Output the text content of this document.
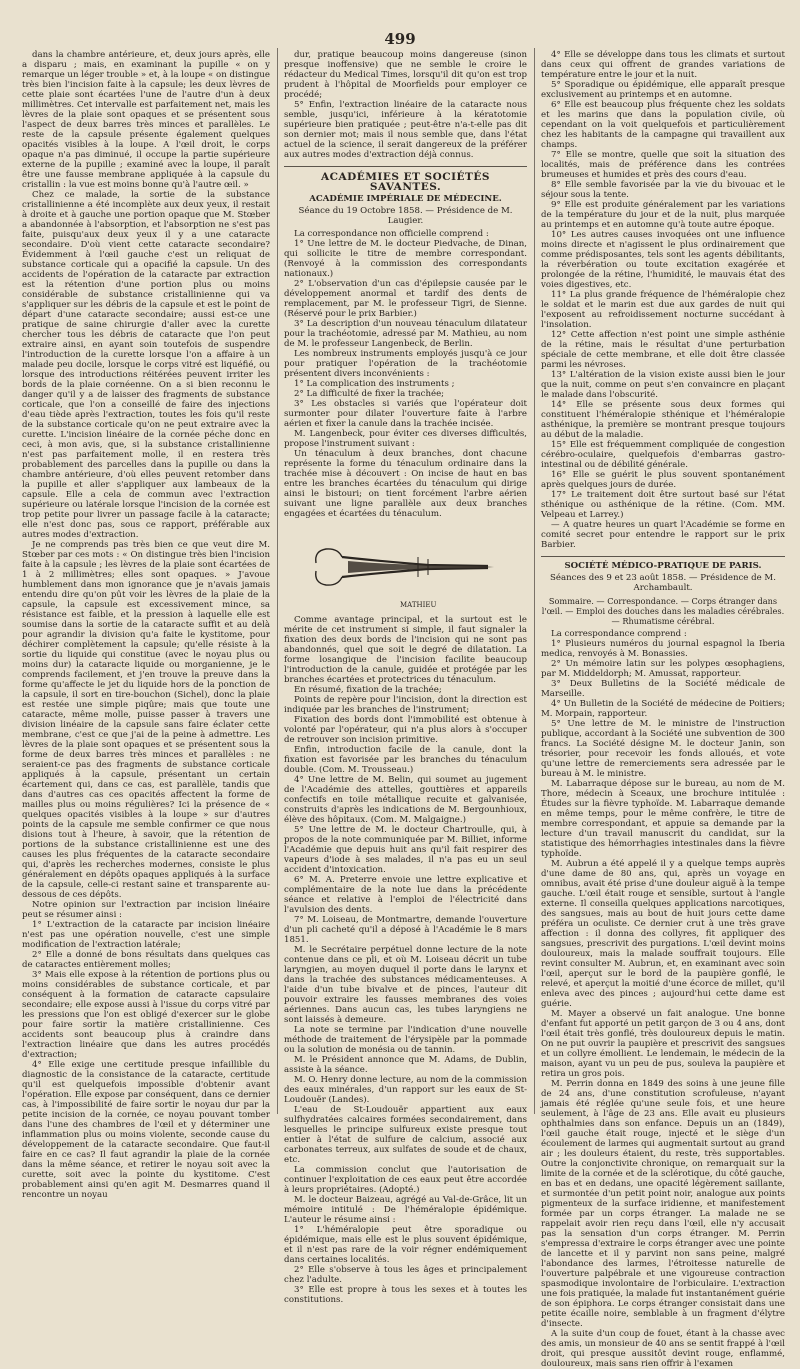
499

dans la chambre antérieure, et, deux jours après, elle a disparu ; mais, en examinant la pupille « on y remarque un léger trouble » et, à la loupe « on distingue très bien l'incision faite à la capsule; les deux lèvres de cette plaie sont écartées l'une de l'autre d'un à deux millimètres. Cet intervalle est parfaitement net, mais les lèvres de la plaie sont opaques et se présentent sous l'aspect de deux barres très minces et parallèles. Le reste de la capsule présente également quelques opacités visibles à la loupe. A l'œil droit, le corps opaque n'a pas diminué, il occupe la partie supérieure externe de la pupille ; examiné avec la loupe, il paraît être une fausse membrane appliquée à la capsule du cristallin : la vue est moins bonne qu'à l'autre œil. »

Chez ce malade, la sortie de la substance cristallinienne a été incomplète aux deux yeux, il restait à droite et à gauche une portion opaque que M. Stœber a abandonnée à l'absorption, et l'absorption ne s'est pas faite, puisqu'aux deux yeux il y a une cataracte secondaire. D'où vient cette cataracte secondaire? Évidemment à l'œil gauche c'est un reliquat de substance corticale qui a opacifié la capsule. Un des accidents de l'opération de la cataracte par extraction est la rétention d'une portion plus ou moins considérable de substance cristallinienne qui va s'appliquer sur les débris de la capsule et est le point de départ d'une cataracte secondaire; aussi est-ce une pratique de saine chirurgie d'aller avec la curette chercher tous les débris de cataracte que l'on peut extraire ainsi, en ayant soin toutefois de suspendre l'introduction de la curette lorsque l'on a affaire à un malade peu docile, lorsque le corps vitré est liquéfié, ou lorsque des introductions réitérées peuvent irriter les bords de la plaie cornéenne. On a si bien reconnu le danger qu'il y a de laisser des fragments de substance corticale, que l'on a conseillé de faire des injections d'eau tiède après l'extraction, toutes les fois qu'il reste de la substance corticale qu'on ne peut extraire avec la curette. L'incision linéaire de la cornée péche donc en ceci, à mon avis, que, si la substance cristallinienne n'est pas parfaitement molle, il en restera très probablement des parcelles dans la pupille ou dans la chambre antérieure, d'où elles peuvent retomber dans la pupille et aller s'appliquer aux lambeaux de la capsule. Elle a cela de commun avec l'extraction supérieure ou latérale lorsque l'incision de la cornée est trop petite pour livrer un passage facile à la cataracte; elle n'est donc pas, sous ce rapport, préférable aux autres modes d'extraction.

Je ne comprends pas très bien ce que veut dire M. Stœber par ces mots : « On distingue très bien l'incision faite à la capsule ; les lèvres de la plaie sont écartées de 1 à 2 millimètres; elles sont opaques. » J'avoue humblement dans mon ignorance que je n'avais jamais entendu dire qu'on pût voir les lèvres de la plaie de la capsule, la capsule est excessivement mince, sa résistance est faible, et la pression à laquelle elle est soumise dans la sortie de la cataracte suffit et au delà pour agrandir la division qu'a faite le kystitome, pour déchirer complètement la capsule; qu'elle résiste à la sortie du liquide qui constitue (avec le noyau plus ou moins dur) la cataracte liquide ou morganienne, je le comprends facilement, et j'en trouve la preuve dans la forme qu'affecte le jet du liquide hors de la ponction de la capsule, il sort en tire-bouchon (Sichel), donc la plaie est restée une simple piqûre; mais que toute une cataracte, même molle, puisse passer à travers une division linéaire de la capsule sans faire éclater cette membrane, c'est ce que j'ai de la peine à admettre. Les lèvres de la plaie sont opaques et se présentent sous la forme de deux barres très minces et parallèles : ne seraient-ce pas des fragments de substance corticale appliqués à la capsule, présentant un certain écartement qui, dans ce cas, est parallèle, tandis que dans d'autres cas ces opacités affectent la forme de mailles plus ou moins régulières? Ici la présence de « quelques opacités visibles à la loupe » sur d'autres points de la capsule me semble confirmer ce que nous disions tout à l'heure, à savoir, que la rétention de portions de la substance cristallinienne est une des causes les plus fréquentes de la cataracte secondaire qui, d'après les recherches modernes, consiste le plus généralement en dépôts opaques appliqués à la surface de la capsule, celle-ci restant saine et transparente au-dessous de ces dépôts.

Notre opinion sur l'extraction par incision linéaire peut se résumer ainsi :

1° L'extraction de la cataracte par incision linéaire n'est pas une opération nouvelle, c'est une simple modification de l'extraction latérale;

2° Elle a donné de bons résultats dans quelques cas de cataractes entièrement molles;

3° Mais elle expose à la rétention de portions plus ou moins considérables de substance corticale, et par conséquent à la formation de cataracte capsulaire secondaire; elle expose aussi à l'issue du corps vitré par les pressions que l'on est obligé d'exercer sur le globe pour faire sortir la matière cristallinienne. Ces accidents sont beaucoup plus à craindre dans l'extraction linéaire que dans les autres procédés d'extraction;

4° Elle exige une certitude presque infaillible du diagnostic de la consistance de la cataracte, certitude qu'il est quelquefois impossible d'obtenir avant l'opération. Elle expose par conséquent, dans ce dernier cas, à l'impossibilité de faire sortir le noyau dur par la petite incision de la cornée, ce noyau pouvant tomber dans l'une des chambres de l'œil et y déterminer une inflammation plus ou moins violente, seconde cause du développement de la cataracte secondaire. Que faut-il faire en ce cas? Il faut agrandir la plaie de la cornée dans la même séance, et retirer le noyau soit avec la curette, soit avec la pointe du kystitome. C'est probablement ainsi qu'en agit M. Desmarres quand il rencontre un noyau

dur, pratique beaucoup moins dangereuse (sinon presque inoffensive) que ne semble le croire le rédacteur du Medical Times, lorsqu'il dit qu'on est trop prudent à l'hôpital de Moorfields pour employer ce procédé;

5° Enfin, l'extraction linéaire de la cataracte nous semble, jusqu'ici, inférieure à la kératotomie supérieure bien pratiquée ; peut-être n'a-t-elle pas dit son dernier mot; mais il nous semble que, dans l'état actuel de la science, il serait dangereux de la préférer aux autres modes d'extraction déjà connus.

ACADÉMIES ET SOCIÉTÉS SAVANTES.
ACADÉMIE IMPÉRIALE DE MÉDECINE.
Séance du 19 Octobre 1858. — Présidence de M. Laugier.

La correspondance non officielle comprend :

1° Une lettre de M. le docteur Piedvache, de Dinan, qui sollicite le titre de membre correspondant. (Renvoyé à la commission des correspondants nationaux.)

2° L'observation d'un cas d'épilepsie causée par le développement anormal et tardif des dents de remplacement, par M. le professeur Tigri, de Sienne. (Réservé pour le prix Barbier.)

3° La description d'un nouveau ténaculum dilatateur pour la trachéotomie, adressé par M. Mathieu, au nom de M. le professeur Langenbeck, de Berlin.

Les nombreux instruments employés jusqu'à ce jour pour pratiquer l'opération de la trachéotomie présentent divers inconvénients :

1° La complication des instruments ;

2° La difficulté de fixer la trachée;

3° Les obstacles si variés que l'opérateur doit surmonter pour dilater l'ouverture faite à l'arbre aérien et fixer la canule dans la trachée incisée.

M. Langenbeck, pour éviter ces diverses difficultés, propose l'instrument suivant :

Un ténaculum à deux branches, dont chacune représente la forme du ténaculum ordinaire dans la trachée mise à découvert : On incise de haut en bas entre les branches écartées du ténaculum qui dirige ainsi le bistouri; on tient forcément l'arbre aérien suivant une ligne parallèle aux deux branches engagées et écartées du ténaculum.

MATHIEU

Comme avantage principal, et la surtout est le mérite de cet instrument si simple, il faut signaler la fixation des deux bords de l'incision qui ne sont pas abandonnés, quel que soit le degré de dilatation. La forme losangique de l'incision facilite beaucoup l'introduction de la canule, guidée et protégée par les branches écartées et protectrices du ténaculum.

En résumé, fixation de la trachée;

Points de repère pour l'incision, dont la direction est indiquée par les branches de l'instrument;

Fixation des bords dont l'immobilité est obtenue à volonté par l'opérateur, qui n'a plus alors à s'occuper de retrouver son incision primitive.

Enfin, introduction facile de la canule, dont la fixation est favorisée par les branches du ténaculum double. (Com. M. Trousseau.)

4° Une lettre de M. Belin, qui soumet au jugement de l'Académie des attelles, gouttières et appareils confectifs en toile métallique recuite et galvanisée, construits d'après les indications de M. Bergounhioux, élève des hôpitaux. (Com. M. Malgaigne.)

5° Une lettre de M. le docteur Chartroulle, qui, à propos de la note communiquée par M. Billiet, informe l'Académie que depuis huit ans qu'il fait respirer des vapeurs d'iode à ses malades, il n'a pas eu un seul accident d'intoxication.

6° M. A. Preterre envoie une lettre explicative et complémentaire de la note lue dans la précédente séance et relative à l'emploi de l'électricité dans l'avulsion des dents.

7° M. Loiseau, de Montmartre, demande l'ouverture d'un pli cacheté qu'il a déposé à l'Académie le 8 mars 1851.

M. le Secrétaire perpétuel donne lecture de la note contenue dans ce pli, et où M. Loiseau décrit un tube laryngien, au moyen duquel il porte dans le larynx et dans la trachée des substances médicamenteuses. A l'aide d'un tube bivalve et de pinces, l'auteur dit pouvoir extraire les fausses membranes des voies aériennes. Dans aucun cas, les tubes laryngiens ne sont laissés à demeure.

La note se termine par l'indication d'une nouvelle méthode de traitement de l'érysipèle par la pommade ou la solution de monésia ou de tannin.

M. le Président annonce que M. Adams, de Dublin, assiste à la séance.

M. O. Henry donne lecture, au nom de la commission des eaux minérales, d'un rapport sur les eaux de St-Loudouër (Landes).

L'eau de St-Loudouër appartient aux eaux sulfhydratées calcaires formées secondairement, dans lesquelles le principe sulfureux existe presque tout entier à l'état de sulfure de calcium, associé aux carbonates terreux, aux sulfates de soude et de chaux, etc.

La commission conclut que l'autorisation de continuer l'exploitation de ces eaux peut être accordée à leurs propriétaires. (Adopté.)

M. le docteur Baizeau, agrégé au Val-de-Grâce, lit un mémoire intitulé : De l'héméralopie épidémique. L'auteur le résume ainsi :

1° L'héméralopie peut être sporadique ou épidémique, mais elle est le plus souvent épidémique, et il n'est pas rare de la voir régner endémiquement dans certaines localités.

2° Elle s'observe à tous les âges et principalement chez l'adulte.

3° Elle est propre à tous les sexes et à toutes les constitutions.

4° Elle se développe dans tous les climats et surtout dans ceux qui offrent de grandes variations de température entre le jour et la nuit.

5° Sporadique ou épidémique, elle apparaît presque exclusivement au printemps et en automne.

6° Elle est beaucoup plus fréquente chez les soldats et les marins que dans la population civile, où cependant on la voit quelquefois et particulièrement chez les habitants de la campagne qui travaillent aux champs.

7° Elle se montre, quelle que soit la situation des localités, mais de préférence dans les contrées brumeuses et humides et près des cours d'eau.

8° Elle semble favorisée par la vie du bivouac et le séjour sous la tente.

9° Elle est produite généralement par les variations de la température du jour et de la nuit, plus marquée au printemps et en automne qu'à toute autre époque.

10° Les autres causes invoquées ont une influence moins directe et n'agissent le plus ordinairement que comme prédisposantes, tels sont les agents débilitants, la réverbération ou toute excitation exagérée et prolongée de la rétine, l'humidité, le mauvais état des voies digestives, etc.

11° La plus grande fréquence de l'héméralopie chez le soldat et le marin est due aux gardes de nuit qui l'exposent au refroidissement nocturne succédant à l'insolation.

12° Cette affection n'est point une simple asthénie de la rétine, mais le résultat d'une perturbation spéciale de cette membrane, et elle doit être classée parmi les névroses.

13° L'altération de la vision existe aussi bien le jour que la nuit, comme on peut s'en convaincre en plaçant le malade dans l'obscurité.

14° Elle se présente sous deux formes qui constituent l'héméralopie sthénique et l'héméralopie asthénique, la première se montrant presque toujours au début de la maladie.

15° Elle est fréquemment compliquée de congestion cérébro-oculaire, quelquefois d'embarras gastro-intestinal ou de débilité générale.

16° Elle se guérit le plus souvent spontanément après quelques jours de durée.

17° Le traitement doit être surtout basé sur l'état sthénique ou asthénique de la rétine. (Com. MM. Velpeau et Larrey.)

— A quatre heures un quart l'Académie se forme en comité secret pour entendre le rapport sur le prix Barbier.

SOCIÉTÉ MÉDICO-PRATIQUE DE PARIS.
Séances des 9 et 23 août 1858. — Présidence de M. Archambault.
Sommaire. — Correspondance. — Corps étranger dans l'œil. — Emploi des douches dans les maladies cérébrales. — Rhumatisme cérébral.

La correspondance comprend :

1° Plusieurs numéros du journal espagnol la Iberia medica, renvoyés à M. Bonassies.

2° Un mémoire latin sur les polypes œsophagiens, par M. Middeldorph; M. Amussat, rapporteur.

3° Deux Bulletins de la Société médicale de Marseille.

4° Un Bulletin de la Société de médecine de Poitiers; M. Morpain, rapporteur.

5° Une lettre de M. le ministre de l'instruction publique, accordant à la Société une subvention de 300 francs. La Société désigne M. le docteur Janin, son trésorier, pour recevoir les fonds alloués, et vote qu'une lettre de remerciements sera adressée par le bureau à M. le ministre.

M. Labarraque dépose sur le bureau, au nom de M. Thore, médecin à Sceaux, une brochure intitulée : Études sur la fièvre typhoïde. M. Labarraque demande en même temps, pour le même confrère, le titre de membre correspondant, et appuie sa demande par la lecture d'un travail manuscrit du candidat, sur la statistique des hémorrhagies intestinales dans la fièvre typhoïde.

M. Aubrun a été appelé il y a quelque temps auprès d'une dame de 80 ans, qui, après un voyage en omnibus, avait été prise d'une douleur aiguë à la tempe gauche. L'œil était rouge et sensible, surtout à l'angle externe. Il conseilla quelques applications narcotiques, des sangsues, mais au bout de huit jours cette dame préféra un oculiste. Ce dernier crut à une très grave affection : il donna des collyres, fit appliquer des sangsues, prescrivit des purgations. L'œil devint moins douloureux, mais la malade souffrait toujours. Elle revint consulter M. Aubrun, et, en examinant avec soin l'œil, aperçut sur le bord de la paupière gonflé, le relevé, et aperçut la moitié d'une écorce de millet, qu'il enleva avec des pinces ; aujourd'hui cette dame est guérie.

M. Mayer a observé un fait analogue. Une bonne d'enfant fut apporté un petit garçon de 3 ou 4 ans, dont l'œil était très gonflé, très douloureux depuis le matin. On ne put ouvrir la paupière et prescrivit des sangsues et un collyre émollient. Le lendemain, le médecin de la maison, ayant vu un peu de pus, souleva la paupière et retira un gros pois.

M. Perrin donna en 1849 des soins à une jeune fille de 24 ans, d'une constitution scrofuleuse, n'ayant jamais été réglée qu'une seule fois, et une heure seulement, à l'âge de 23 ans. Elle avait eu plusieurs ophthalmies dans son enfance. Depuis un an (1849), l'œil gauche était rouge, injecté et le siège d'un écoulement de larmes qui augmentait surtout au grand air ; les douleurs étaient, du reste, très supportables. Outre la conjonctivite chronique, on remarquait sur la limite de la cornée et de la sclérotique, du côté gauche, en bas et en dedans, une opacité légèrement saillante, et surmontée d'un petit point noir, analogue aux points pigmenteux de la surface iridienne, et manifestement formée par un corps étranger. La malade ne se rappelait avoir rien reçu dans l'œil, elle n'y accusait pas la sensation d'un corps étranger. M. Perrin s'empressa d'extraire le corps étranger avec une pointe de lancette et il y parvint non sans peine, malgré l'abondance des larmes, l'étroitesse naturelle de l'ouverture palpébrale et une vigoureuse contraction spasmodique involontaire de l'orbiculaire. L'extraction une fois pratiquée, la malade fut instantanément guérie de son épiphora. Le corps étranger consistait dans une petite écaille noire, semblable à un fragment d'élytre d'insecte.

A la suite d'un coup de fouet, étant à la chasse avec des amis, un monsieur de 40 ans se sentit frappé à l'œil droit, qui presque aussitôt devint rouge, enflammé, douloureux, mais sans rien offrir à l'examen
